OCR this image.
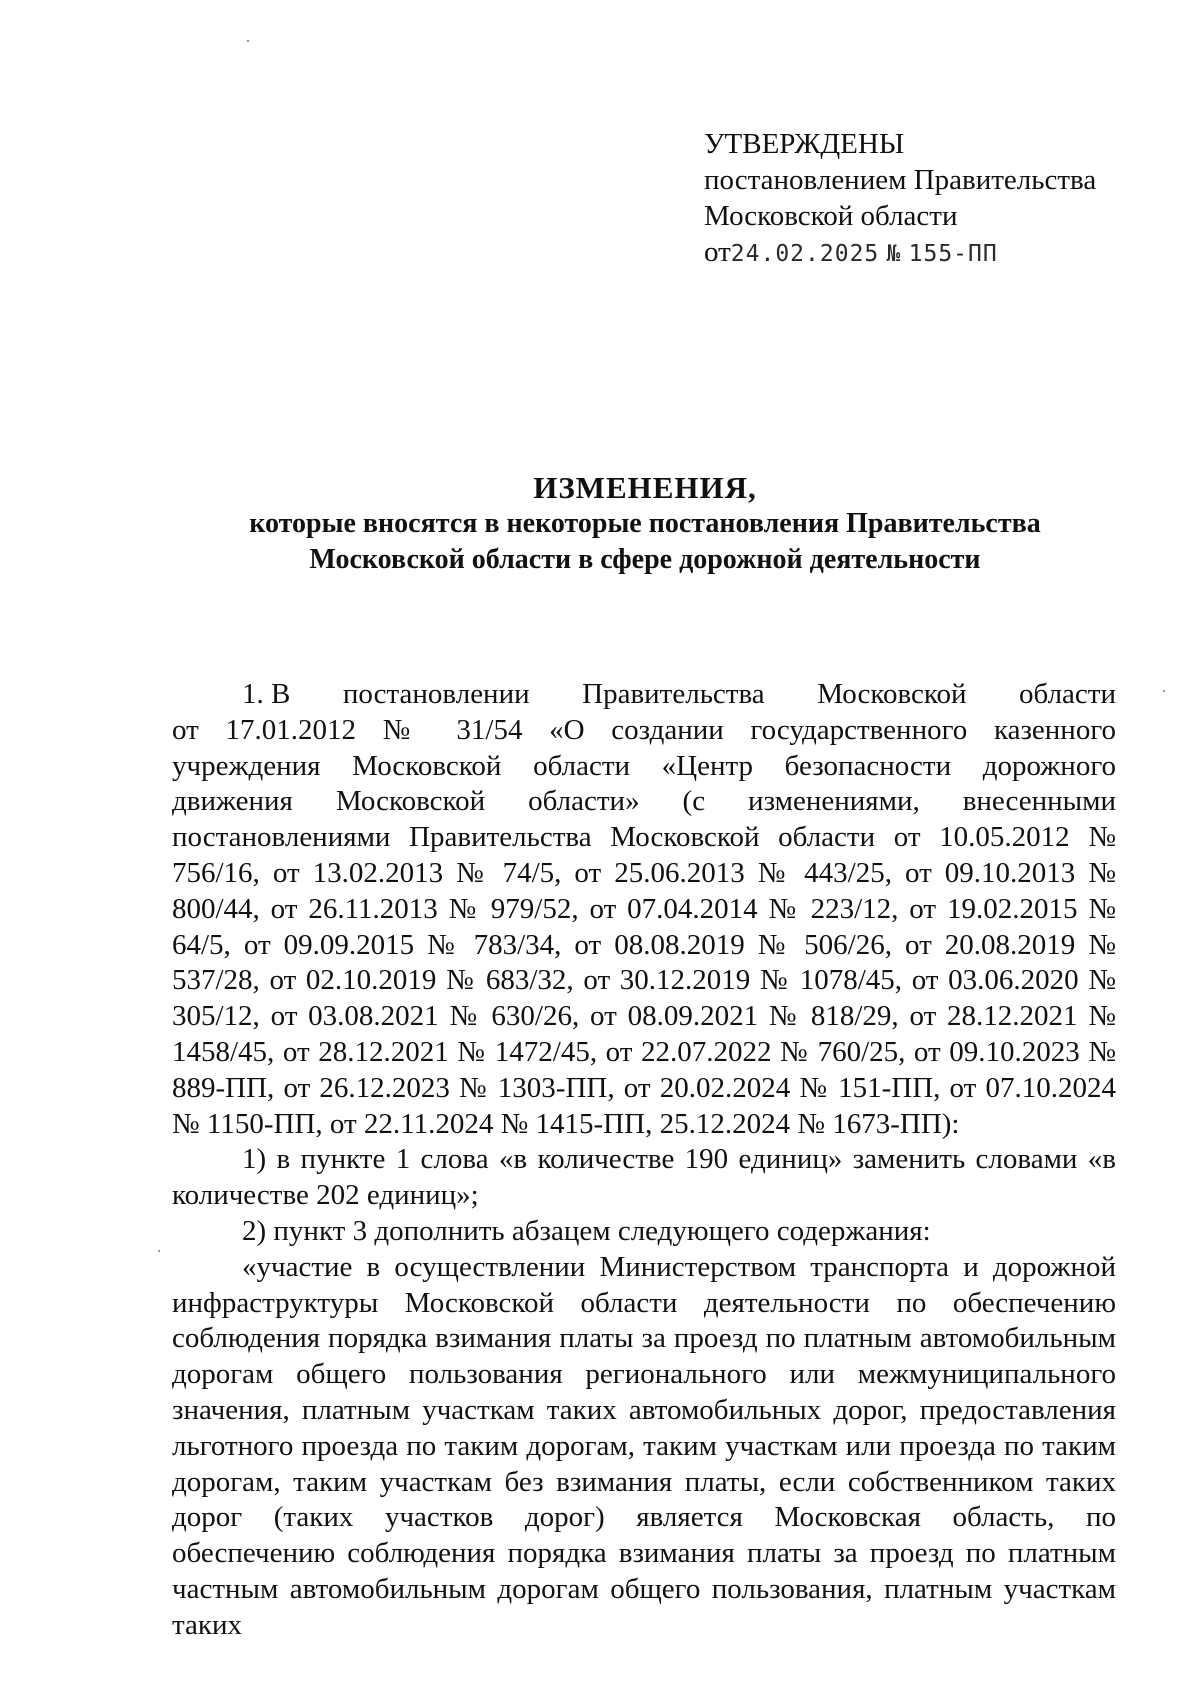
УТВЕРЖДЕНЫ
постановлением Правительства
Московской области
от24.02.2025 № 155-ПП
ИЗМЕНЕНИЯ,
которые вносятся в некоторые постановления Правительства
Московской области в сфере дорожной деятельности
1. В постановлении Правительства Московской области

от 17.01.2012 № 31/54 «О создании государственного казенного учреждения Московской области «Центр безопасности дорожного движения Московской области» (с изменениями, внесенными постановлениями Правительства Московской области от 10.05.2012 № 756/16, от 13.02.2013 № 74/5, от 25.06.2013 № 443/25, от 09.10.2013 № 800/44, от 26.11.2013 № 979/52, от 07.04.2014 № 223/12, от 19.02.2015 № 64/5, от 09.09.2015 № 783/34, от 08.08.2019 № 506/26, от 20.08.2019 № 537/28, от 02.10.2019 № 683/32, от 30.12.2019 № 1078/45, от 03.06.2020 № 305/12, от 03.08.2021 № 630/26, от 08.09.2021 № 818/29, от 28.12.2021 № 1458/45, от 28.12.2021 № 1472/45, от 22.07.2022 № 760/25, от 09.10.2023 № 889-ПП, от 26.12.2023 № 1303-ПП, от 20.02.2024 № 151-ПП, от 07.10.2024 № 1150-ПП, от 22.11.2024 № 1415-ПП, 25.12.2024 № 1673-ПП):

1) в пункте 1 слова «в количестве 190 единиц» заменить словами «в количестве 202 единиц»;

2) пункт 3 дополнить абзацем следующего содержания:

«участие в осуществлении Министерством транспорта и дорожной инфраструктуры Московской области деятельности по обеспечению соблюдения порядка взимания платы за проезд по платным автомобильным дорогам общего пользования регионального или межмуниципального значения, платным участкам таких автомобильных дорог, предоставления льготного проезда по таким дорогам, таким участкам или проезда по таким дорогам, таким участкам без взимания платы, если собственником таких дорог (таких участков дорог) является Московская область, по обеспечению соблюдения порядка взимания платы за проезд по платным частным автомобильным дорогам общего пользования, платным участкам таких
